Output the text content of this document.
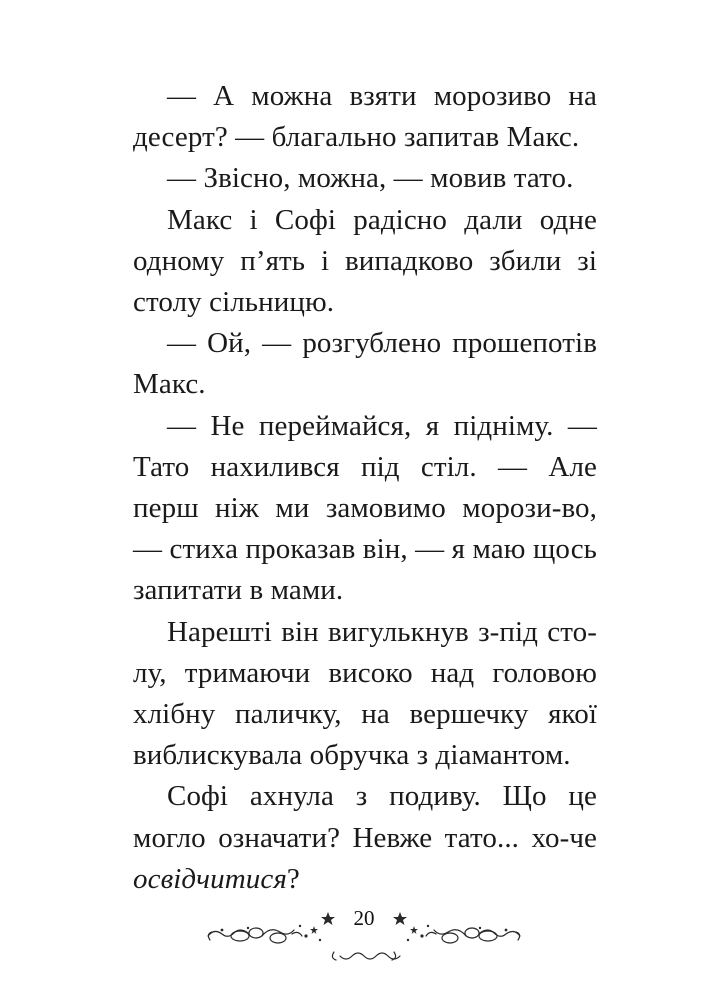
— А можна взяти морозиво на десерт? — благально запитав Макс.

— Звісно, можна, — мовив тато.

Макс і Софі радісно дали одне одному п’ять і випадково збили зі столу сільницю.

— Ой, — розгублено прошепотів Макс.

— Не переймайся, я підніму. — Тато нахилився під стіл. — Але перш ніж ми замовимо морози-во, — стиха проказав він, — я маю щось запитати в мами.

Нарешті він вигулькнув з-під сто-лу, тримаючи високо над головою хлібну паличку, на вершечку якої виблискувала обручка з діамантом.

Софі ахнула з подиву. Що це могло означати? Невже тато... хо-че освідчитися?

20
